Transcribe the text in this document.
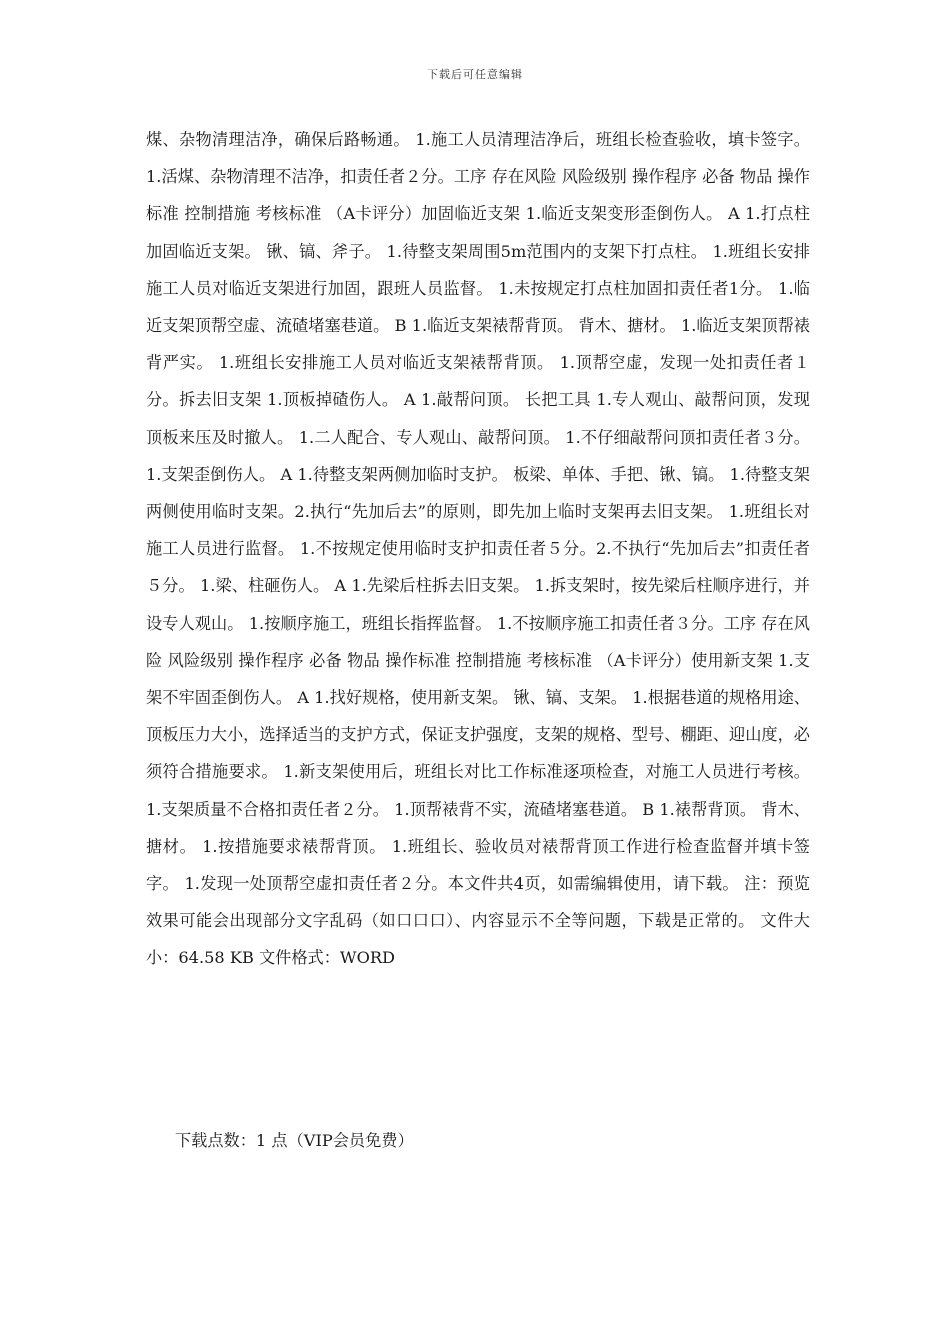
下载后可任意编辑

煤、杂物清理洁净，确保后路畅通。 1.施工人员清理洁净后，班组长检查验收，填卡签字。 1.活煤、杂物清理不洁净，扣责任者２分。工序 存在风险 风险级别 操作程序 必备 物品 操作标准 控制措施 考核标准 （A卡评分）加固临近支架 1.临近支架变形歪倒伤人。 A 1.打点柱加固临近支架。 锹、镐、斧子。 1.待整支架周围5m范围内的支架下打点柱。 1.班组长安排施工人员对临近支架进行加固，跟班人员监督。 1.未按规定打点柱加固扣责任者1分。 1.临近支架顶帮空虚、流碴堵塞巷道。 B 1.临近支架裱帮背顶。 背木、搪材。 1.临近支架顶帮裱背严实。 1.班组长安排施工人员对临近支架裱帮背顶。 1.顶帮空虚，发现一处扣责任者１分。拆去旧支架 1.顶板掉碴伤人。 A 1.敲帮问顶。 长把工具 1.专人观山、敲帮问顶，发现顶板来压及时撤人。 1.二人配合、专人观山、敲帮问顶。 1.不仔细敲帮问顶扣责任者３分。 1.支架歪倒伤人。 A 1.待整支架两侧加临时支护。 板梁、单体、手把、锹、镐。 1.待整支架两侧使用临时支架。2.执行“先加后去”的原则，即先加上临时支架再去旧支架。 1.班组长对施工人员进行监督。 1.不按规定使用临时支护扣责任者５分。2.不执行“先加后去”扣责任者５分。 1.梁、柱砸伤人。 A 1.先梁后柱拆去旧支架。 1.拆支架时，按先梁后柱顺序进行，并设专人观山。 1.按顺序施工，班组长指挥监督。 1.不按顺序施工扣责任者３分。工序 存在风险 风险级别 操作程序 必备 物品 操作标准 控制措施 考核标准 （A卡评分）使用新支架 1.支架不牢固歪倒伤人。 A 1.找好规格，使用新支架。 锹、镐、支架。 1.根据巷道的规格用途、顶板压力大小，选择适当的支护方式，保证支护强度，支架的规格、型号、棚距、迎山度，必须符合措施要求。 1.新支架使用后，班组长对比工作标准逐项检查，对施工人员进行考核。 1.支架质量不合格扣责任者２分。 1.顶帮裱背不实，流碴堵塞巷道。 B 1.裱帮背顶。 背木、搪材。 1.按措施要求裱帮背顶。 1.班组长、验收员对裱帮背顶工作进行检查监督并填卡签字。 1.发现一处顶帮空虚扣责任者２分。本文件共4页，如需编辑使用，请下载。 注：预览效果可能会出现部分文字乱码（如口口口）、内容显示不全等问题，下载是正常的。 文件大小：64.58 KB 文件格式：WORD

下载点数：1 点（VIP会员免费）
